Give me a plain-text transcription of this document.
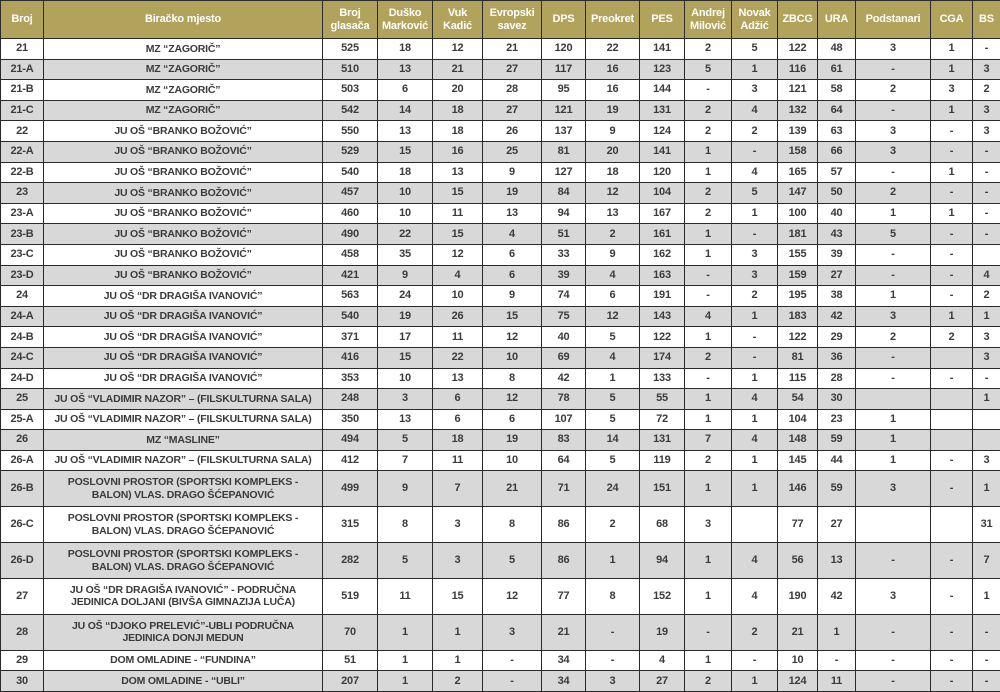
Broj	Biračko mjesto	Broj glasača	Duško Marković	Vuk Kadić	Evropski savez	DPS	Preokret	PES	Andrej Milović	Novak Adžić	ZBCG	URA	Podstanari	CGA	BS
21	MZ “ZAGORIČ”	525	18	12	21	120	22	141	2	5	122	48	3	1	-
21-A	MZ “ZAGORIČ”	510	13	21	27	117	16	123	5	1	116	61	-	1	3
21-B	MZ “ZAGORIČ”	503	6	20	28	95	16	144	-	3	121	58	2	3	2
21-C	MZ “ZAGORIČ”	542	14	18	27	121	19	131	2	4	132	64	-	1	3
22	JU OŠ “BRANKO BOŽOVIĆ”	550	13	18	26	137	9	124	2	2	139	63	3	-	3
22-A	JU OŠ “BRANKO BOŽOVIĆ”	529	15	16	25	81	20	141	1	-	158	66	3	-	-
22-B	JU OŠ “BRANKO BOŽOVIĆ”	540	18	13	9	127	18	120	1	4	165	57	-	1	-
23	JU OŠ “BRANKO BOŽOVIĆ”	457	10	15	19	84	12	104	2	5	147	50	2	-	-
23-A	JU OŠ “BRANKO BOŽOVIĆ”	460	10	11	13	94	13	167	2	1	100	40	1	1	-
23-B	JU OŠ “BRANKO BOŽOVIĆ”	490	22	15	4	51	2	161	1	-	181	43	5	-	-
23-C	JU OŠ “BRANKO BOŽOVIĆ”	458	35	12	6	33	9	162	1	3	155	39	-	-	
23-D	JU OŠ “BRANKO BOŽOVIĆ”	421	9	4	6	39	4	163	-	3	159	27	-	-	4
24	JU OŠ “DR DRAGIŠA IVANOVIĆ”	563	24	10	9	74	6	191	-	2	195	38	1	-	2
24-A	JU OŠ “DR DRAGIŠA IVANOVIĆ”	540	19	26	15	75	12	143	4	1	183	42	3	1	1
24-B	JU OŠ “DR DRAGIŠA IVANOVIĆ”	371	17	11	12	40	5	122	1	-	122	29	2	2	3
24-C	JU OŠ “DR DRAGIŠA IVANOVIĆ”	416	15	22	10	69	4	174	2	-	81	36	-		3
24-D	JU OŠ “DR DRAGIŠA IVANOVIĆ”	353	10	13	8	42	1	133	-	1	115	28	-	-	-
25	JU OŠ “VLADIMIR NAZOR” – (FILSKULTURNA SALA)	248	3	6	12	78	5	55	1	4	54	30			1
25-A	JU OŠ “VLADIMIR NAZOR” – (FILSKULTURNA SALA)	350	13	6	6	107	5	72	1	1	104	23	1		
26	MZ “MASLINE”	494	5	18	19	83	14	131	7	4	148	59	1		
26-A	JU OŠ “VLADIMIR NAZOR” – (FILSKULTURNA SALA)	412	7	11	10	64	5	119	2	1	145	44	1	-	3
26-B	POSLOVNI PROSTOR (SPORTSKI KOMPLEKS - BALON) VLAS. DRAGO ŠĆEPANOVIĆ	499	9	7	21	71	24	151	1	1	146	59	3	-	1
26-C	POSLOVNI PROSTOR (SPORTSKI KOMPLEKS - BALON) VLAS. DRAGO ŠĆEPANOVIĆ	315	8	3	8	86	2	68	3		77	27			31
26-D	POSLOVNI PROSTOR (SPORTSKI KOMPLEKS - BALON) VLAS. DRAGO ŠĆEPANOVIĆ	282	5	3	5	86	1	94	1	4	56	13	-	-	7
27	JU OŠ “DR DRAGIŠA IVANOVIĆ” - PODRUČNA JEDINICA DOLJANI (BIVŠA GIMNAZIJA LUČA)	519	11	15	12	77	8	152	1	4	190	42	3	-	1
28	JU OŠ “DJOKO PRELEVIĆ”-UBLI PODRUČNA JEDINICA DONJI MEDUN	70	1	1	3	21	-	19	-	2	21	1	-	-	-
29	DOM OMLADINE - “FUNDINA”	51	1	1	-	34	-	4	1	-	10	-	-	-	-
30	DOM OMLADINE - “UBLI”	207	1	2	-	34	3	27	2	1	124	11	-	-	-
